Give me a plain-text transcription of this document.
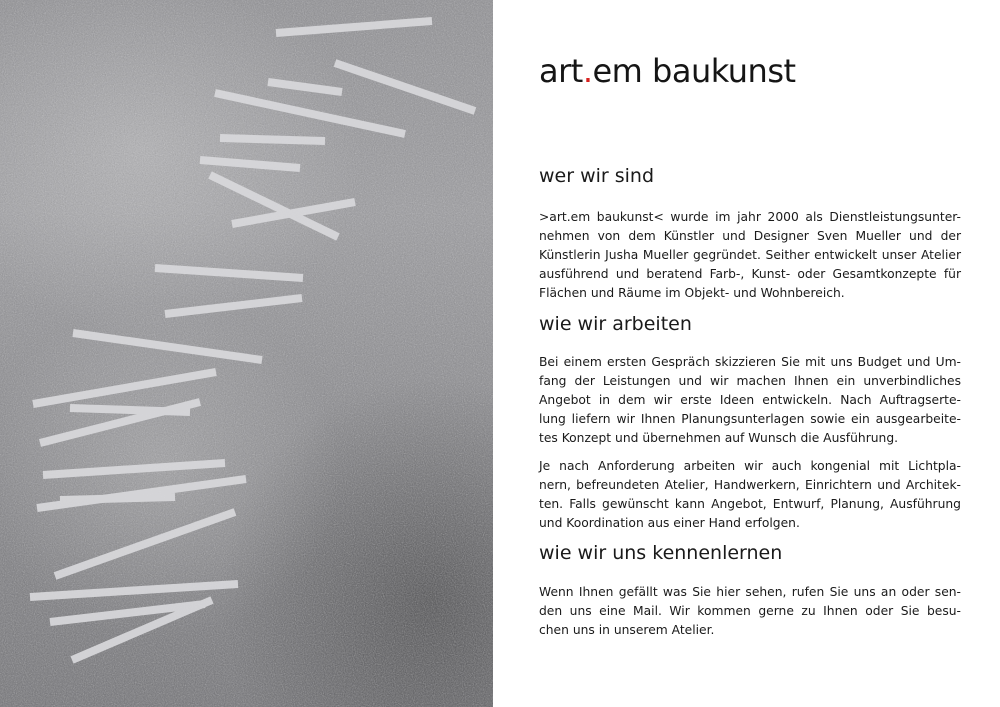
art.em baukunst
wer wir sind
>art.em baukunst< wurde im jahr 2000 als Dienstleistungsunter-
nehmen von dem Künstler und Designer Sven Mueller und der
Künstlerin Jusha Mueller gegründet. Seither entwickelt unser Atelier
ausführend und beratend Farb-, Kunst- oder Gesamtkonzepte für
Flächen und Räume im Objekt- und Wohnbereich.
wie wir arbeiten
Bei einem ersten Gespräch skizzieren Sie mit uns Budget und Um-
fang der Leistungen und wir machen Ihnen ein unverbindliches
Angebot in dem wir erste Ideen entwickeln. Nach Auftragserte-
lung liefern wir Ihnen Planungsunterlagen sowie ein ausgearbeite-
tes Konzept und übernehmen auf Wunsch die Ausführung.
Je nach Anforderung arbeiten wir auch kongenial mit Lichtpla-
nern, befreundeten Atelier, Handwerkern, Einrichtern und Architek-
ten. Falls gewünscht kann Angebot, Entwurf, Planung, Ausführung
und Koordination aus einer Hand erfolgen.
wie wir uns kennenlernen
Wenn Ihnen gefällt was Sie hier sehen, rufen Sie uns an oder sen-
den uns eine Mail. Wir kommen gerne zu Ihnen oder Sie besu-
chen uns in unserem Atelier.
